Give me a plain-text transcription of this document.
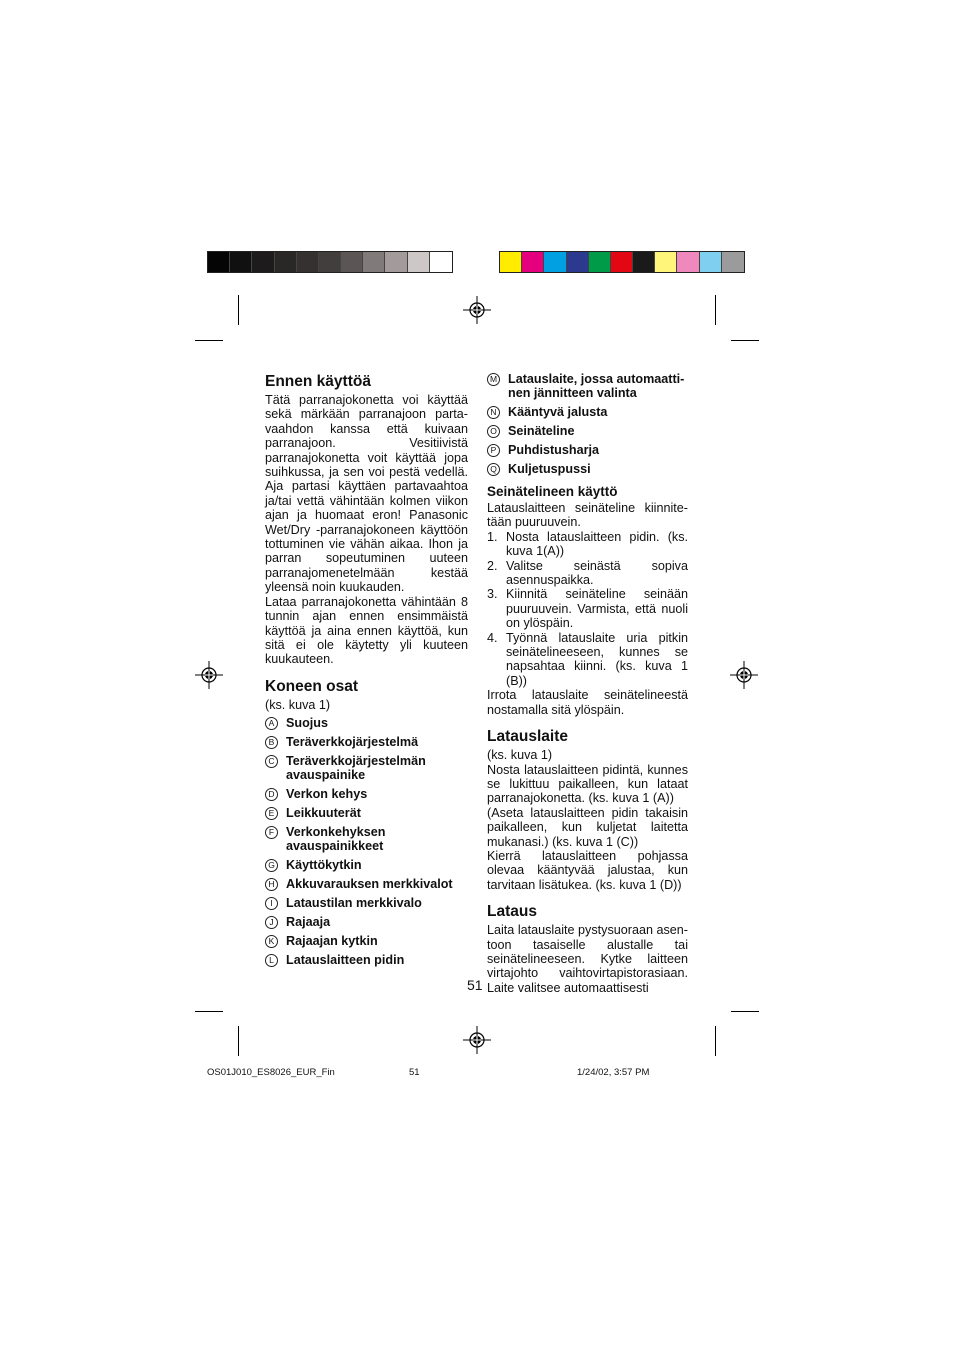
Ennen käyttöä

Tätä parranajokonetta voi käyttää sekä märkään parranajoon partavaahdon kanssa että kuivaan parranajoon. Vesitiivistä parranajokonetta voit käyttää jopa suihkussa, ja sen voi pestä vedellä. Aja partasi käyttäen partavaahtoa ja/tai vettä vähintään kolmen viikon ajan ja huomaat eron! Panasonic Wet/Dry -parranajokoneen käyttöön tottuminen vie vähän aikaa. Ihon ja parran sopeutuminen uuteen parranajomenetelmään kestää yleensä noin kuukauden.

Lataa parranajokonetta vähintään 8 tunnin ajan ennen ensimmäistä käyttöä ja aina ennen käyttöä, kun sitä ei ole käytetty yli kuuteen kuukauteen.

Koneen osat

(ks. kuva 1)

A Suojus
B Teräverkkojärjestelmä
C Teräverkkojärjestelmän avauspainike
D Verkon kehys
E Leikkuuterät
F Verkonkehyksen avauspainikkeet
G Käyttökytkin
H Akkuvarauksen merkkivalot
I	Lataustilan merkkivalo
J Rajaaja
K Rajaajan kytkin
L Latauslaitteen pidin
M Latauslaite, jossa automaattinen jännitteen valinta
N Kääntyvä jalusta
O Seinäteline
P Puhdistusharja
Q Kuljetuspussi
Seinätelineen käyttö

Latauslaitteen seinäteline kiinnitetään puuruuvein.

1. Nosta latauslaitteen pidin. (ks. kuva 1(A))
2. Valitse seinästä sopiva asennuspaikka.
3. Kiinnitä seinäteline seinään puuruuvein. Varmista, että nuoli on ylöspäin.
4. Työnnä latauslaite uria pitkin seinätelineeseen, kunnes se napsahtaa kiinni. (ks. kuva 1 (B))

Irrota latauslaite seinätelineestä nostamalla sitä ylöspäin.

Latauslaite

(ks. kuva 1)

Nosta latauslaitteen pidintä, kunnes se lukittuu paikalleen, kun lataat parranajokonetta. (ks. kuva 1 (A))

(Aseta latauslaitteen pidin takaisin paikalleen, kun kuljetat laitetta mukanasi.) (ks. kuva 1 (C))

Kierrä latauslaitteen pohjassa olevaa kääntyvää jalustaa, kun tarvitaan lisätukea. (ks. kuva 1 (D))

Lataus

Laita latauslaite pystysuoraan asentoon tasaiselle alustalle tai seinätelineeseen. Kytke laitteen virtajohto vaihtovirtapistorasiaan. Laite valitsee automaattisesti

51
OS01J010_ES8026_EUR_Fin	51	1/24/02, 3:57 PM
